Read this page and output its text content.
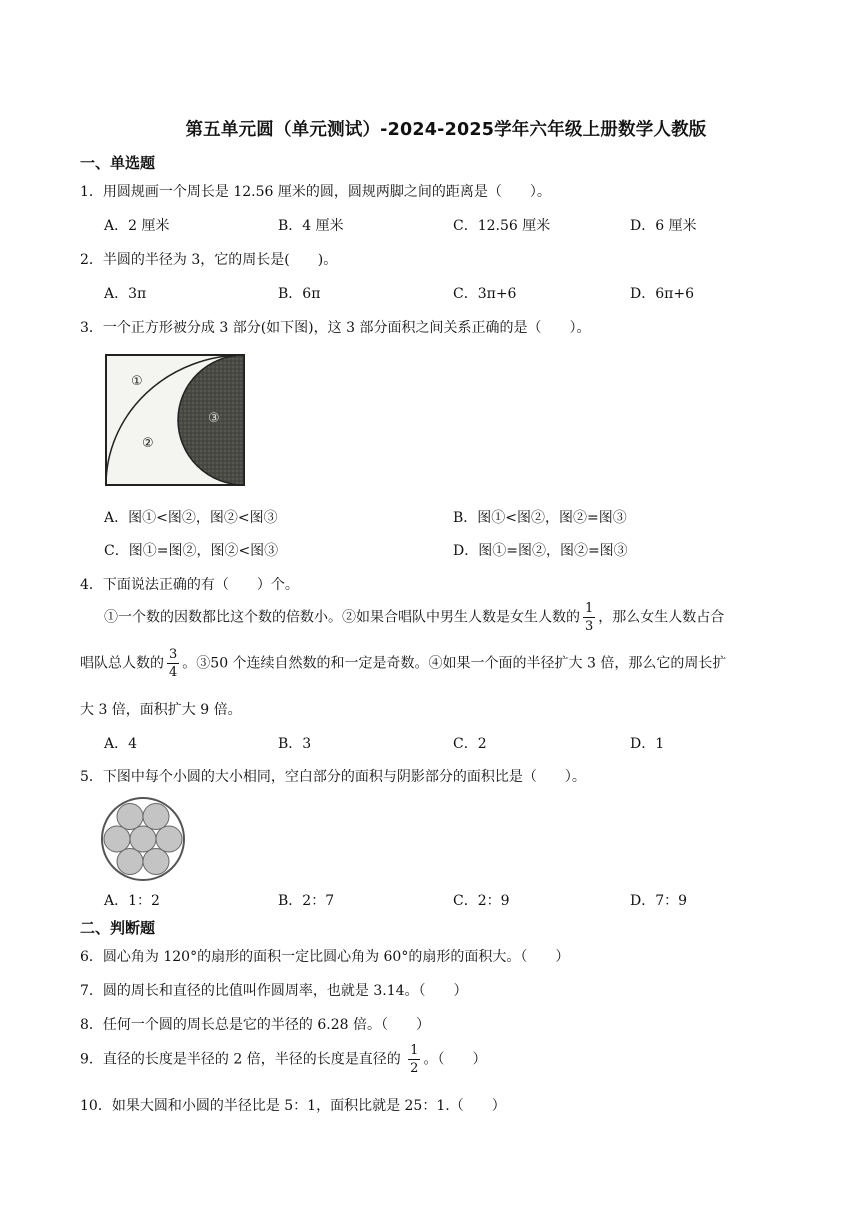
第五单元圆（单元测试）-2024-2025学年六年级上册数学人教版
一、单选题
1．用圆规画一个周长是 12.56 厘米的圆，圆规两脚之间的距离是（　　）。
A．2 厘米	B．4 厘米	C．12.56 厘米	D．6 厘米
2．半圆的半径为 3，它的周长是(　　)。
A．3π	B．6π	C．3π+6	D．6π+6
3．一个正方形被分成 3 部分(如下图)，这 3 部分面积之间关系正确的是（　　）。
①
②
③
A．图①<图②，图②<图③	B．图①<图②，图②=图③
C．图①=图②，图②<图③	D．图①=图②，图②=图③
4．下面说法正确的有（　　）个。
①一个数的因数都比这个数的倍数小。②如果合唱队中男生人数是女生人数的 $\frac{1}{3}$ ，那么女生人数占合
唱队总人数的 $\frac{3}{4}$ 。③50 个连续自然数的和一定是奇数。④如果一个面的半径扩大 3 倍，那么它的周长扩
大 3 倍，面积扩大 9 倍。
A．4	B．3	C．2	D．1
5．下图中每个小圆的大小相同，空白部分的面积与阴影部分的面积比是（　　）。
A．1：2	B．2：7	C．2：9	D．7：9
二、判断题
6．圆心角为 120°的扇形的面积一定比圆心角为 60°的扇形的面积大。（　　）
7．圆的周长和直径的比值叫作圆周率，也就是 3.14。（　　）
8．任何一个圆的周长总是它的半径的 6.28 倍。（　　）
9．直径的长度是半径的 2 倍，半径的长度是直径的 $\frac{1}{2}$ 。（　　）
10．如果大圆和小圆的半径比是 5：1，面积比就是 25：1.（　　）
